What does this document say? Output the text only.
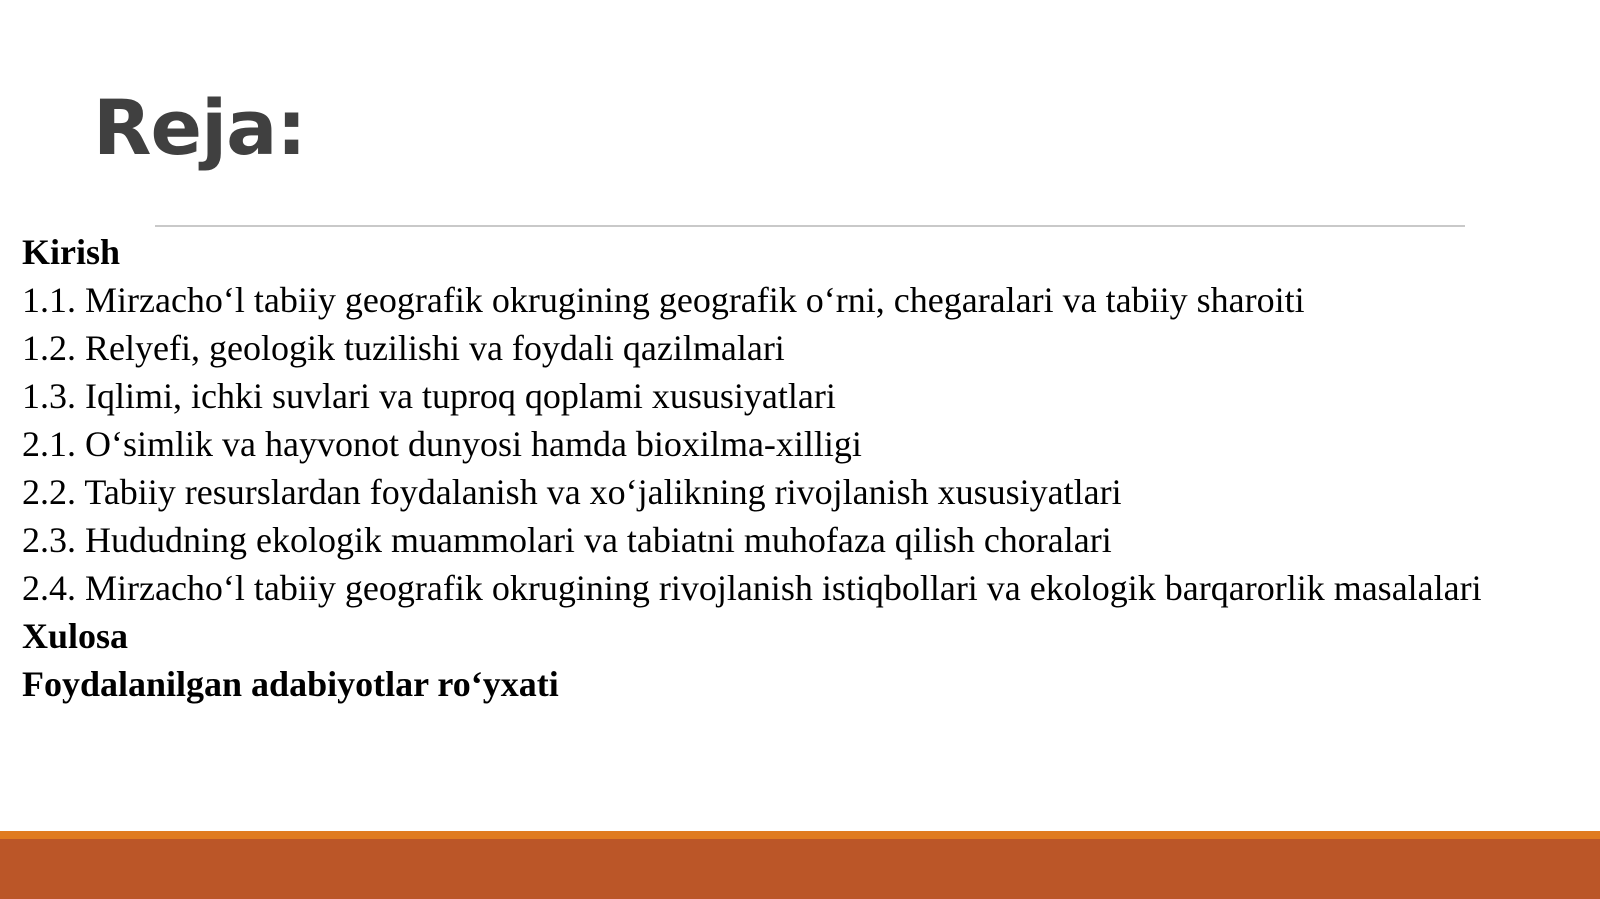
Reja:
Kirish
1.1. Mirzachoʻl tabiiy geografik okrugining geografik oʻrni, chegaralari va tabiiy sharoiti
1.2. Relyefi, geologik tuzilishi va foydali qazilmalari
1.3. Iqlimi, ichki suvlari va tuproq qoplami xususiyatlari
2.1. Oʻsimlik va hayvonot dunyosi hamda bioxilma-xilligi
2.2. Tabiiy resurslardan foydalanish va xoʻjalikning rivojlanish xususiyatlari
2.3. Hududning ekologik muammolari va tabiatni muhofaza qilish choralari
2.4. Mirzachoʻl tabiiy geografik okrugining rivojlanish istiqbollari va ekologik barqarorlik masalalari
Xulosa
Foydalanilgan adabiyotlar roʻyxati
